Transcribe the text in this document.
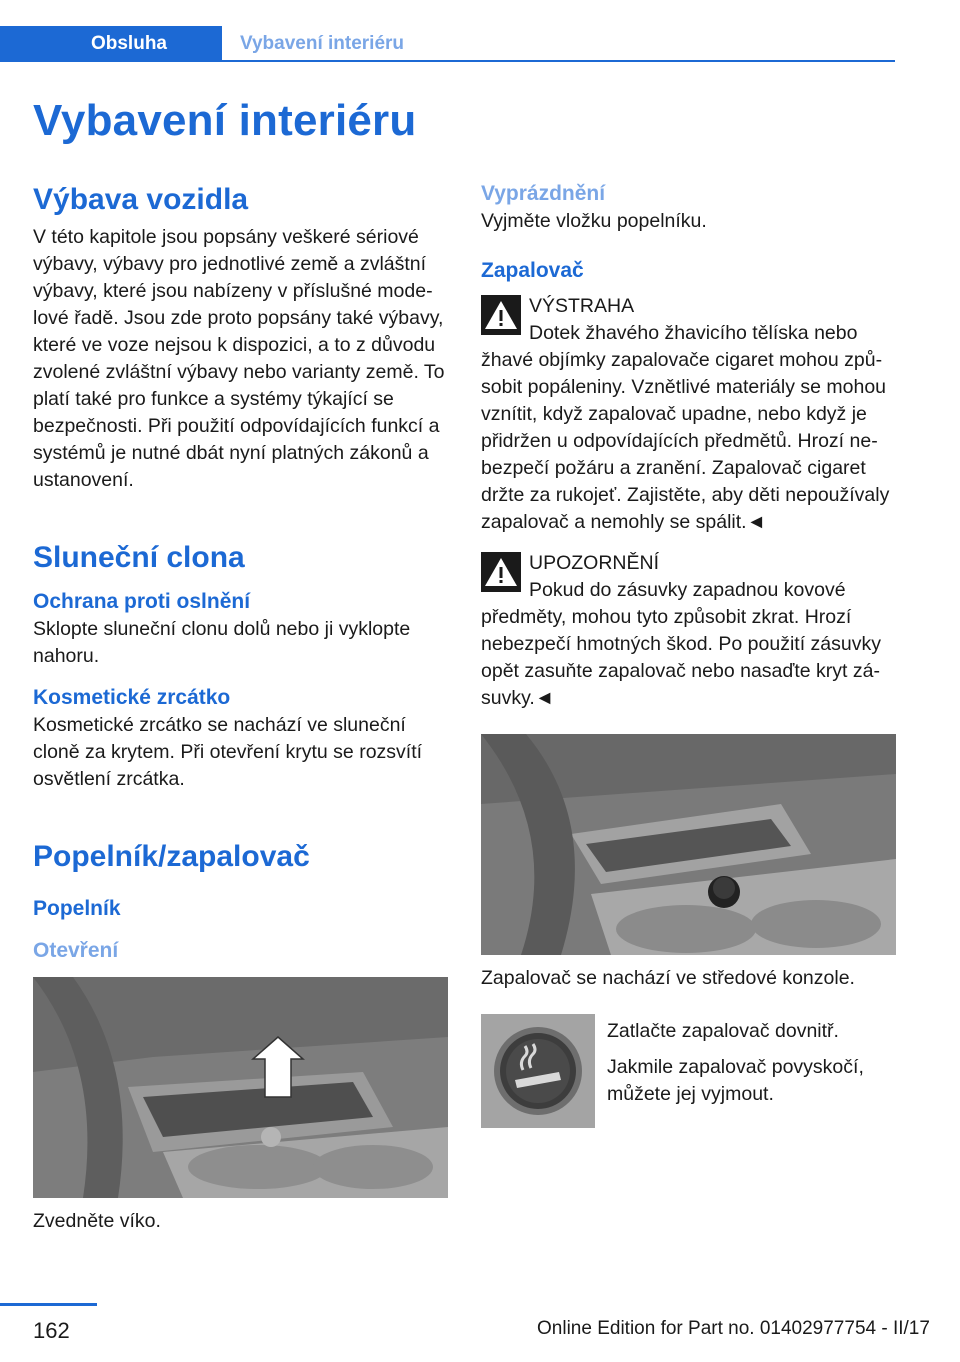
Obsluha	Vybavení interiéru
Vybavení interiéru
Výbava vozidla

V této kapitole jsou popsány veškeré sériové výbavy, výbavy pro jednotlivé země a zvláštní výbavy, které jsou nabízeny v příslušné modelové řadě. Jsou zde proto popsány také výbavy, které ve voze nejsou k dispozici, a to z důvodu zvolené zvláštní výbavy nebo varianty země. To platí také pro funkce a systémy týkající se bezpečnosti. Při použití odpovídajících funkcí a systémů je nutné dbát nyní platných zákonů a ustanovení.

Sluneční clona
Ochrana proti oslnění

Sklopte sluneční clonu dolů nebo ji vyklopte nahoru.

Kosmetické zrcátko

Kosmetické zrcátko se nachází ve sluneční cloně za krytem. Při otevření krytu se rozsvítí osvětlení zrcátka.

Popelník/zapalovač
Popelník
Otevření

Zvedněte víko.

Vyprázdnění

Vyjměte vložku popelníku.

Zapalovač

VÝSTRAHA

Dotek žhavého žhavicího tělíska nebo

žhavé objímky zapalovače cigaret mohou způsobit popáleniny. Vznětlivé materiály se mohou vznítit, když zapalovač upadne, nebo když je přidržen u odpovídajících předmětů. Hrozí nebezpečí požáru a zranění. Zapalovač cigaret držte za rukojeť. Zajistěte, aby děti nepoužívaly zapalovač a nemohly se spálit.◄

UPOZORNĚNÍ

Pokud do zásuvky zapadnou kovové

předměty, mohou tyto způsobit zkrat. Hrozí nebezpečí hmotných škod. Po použití zásuvky opět zasuňte zapalovač nebo nasaďte kryt zásuvky.◄

Zapalovač se nachází ve středové konzole.

Zatlačte zapalovač dovnitř.

Jakmile zapalovač povyskočí, můžete jej vyjmout.

162	Online Edition for Part no. 01402977754 - II/17
